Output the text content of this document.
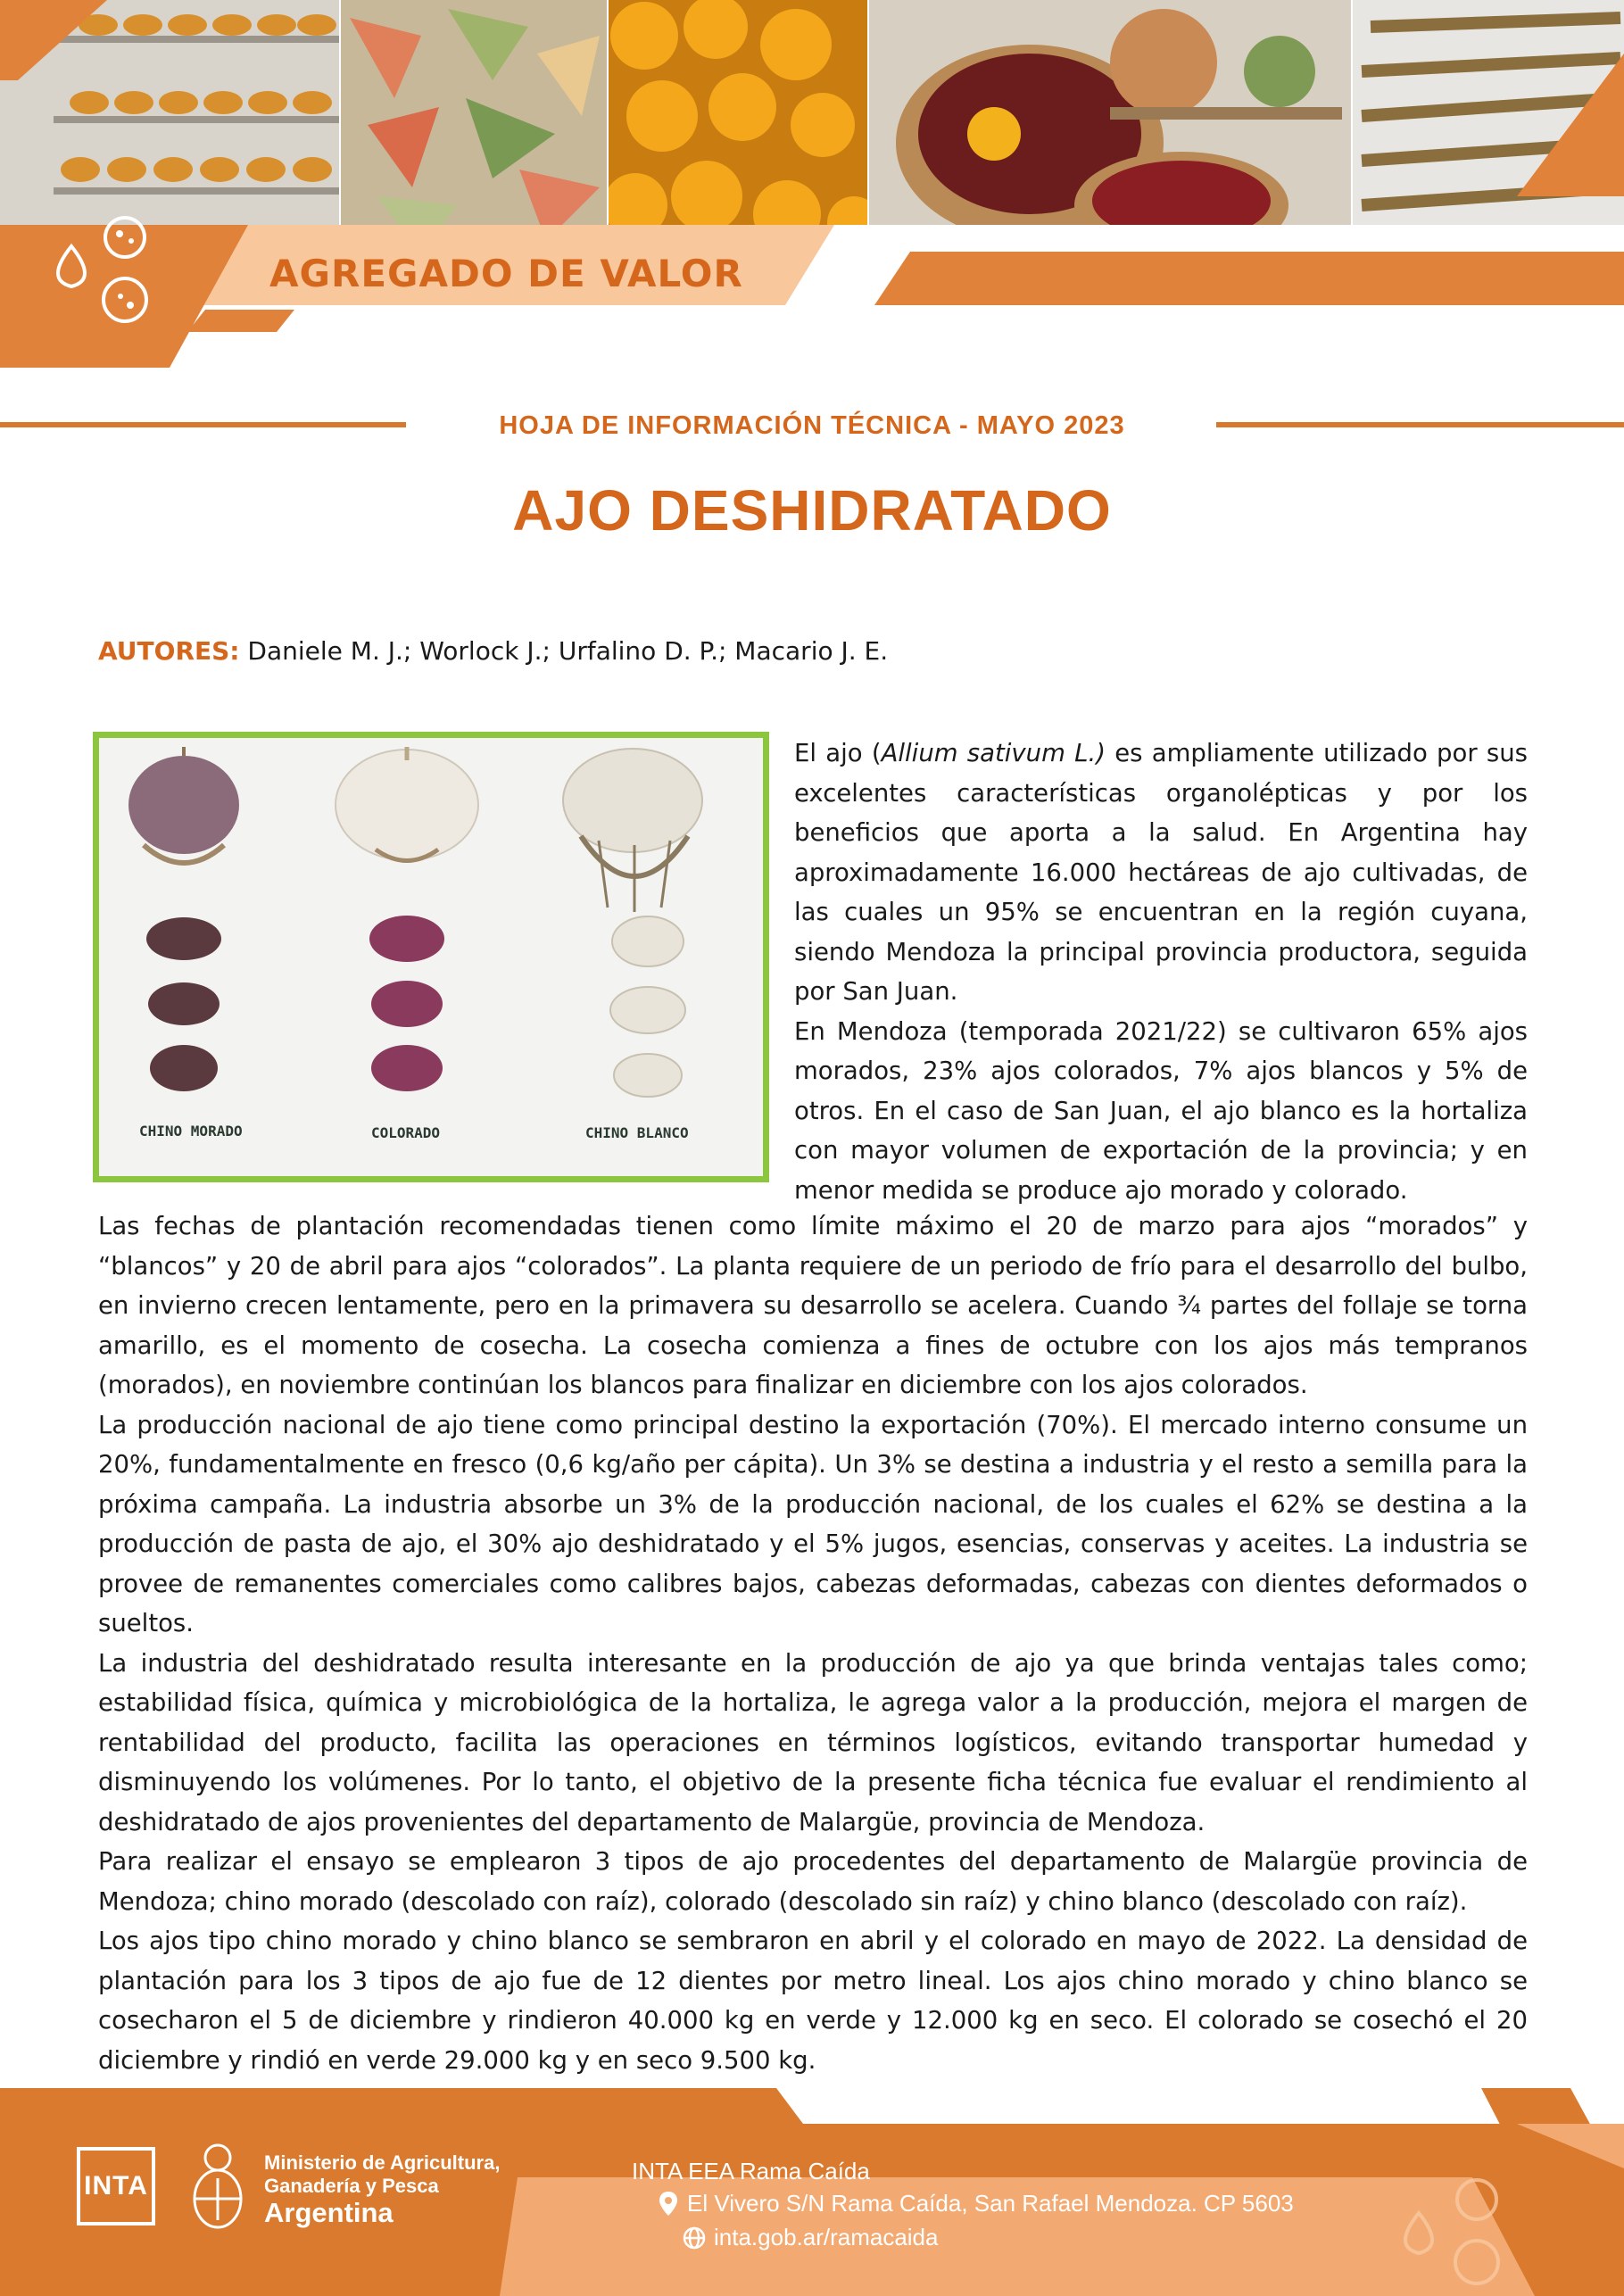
AGREGADO DE VALOR
HOJA DE INFORMACIÓN TÉCNICA - MAYO 2023
AJO DESHIDRATADO
AUTORES: Daniele M. J.; Worlock J.; Urfalino D. P.; Macario J. E.
CHINO MORADO	COLORADO	CHINO BLANCO

El ajo (Allium sativum L.) es ampliamente utilizado por sus excelentes características organolépticas y por los beneficios que aporta a la salud. En Argentina hay aproximadamente 16.000 hectáreas de ajo cultivadas, de las cuales un 95% se encuentran en la región cuyana, siendo Mendoza la principal provincia productora, seguida por San Juan.

En Mendoza (temporada 2021/22) se cultivaron 65% ajos morados, 23% ajos colorados, 7% ajos blancos y 5% de otros. En el caso de San Juan, el ajo blanco es la hortaliza con mayor volumen de exportación de la provincia; y en menor medida se produce ajo morado y colorado.

Las fechas de plantación recomendadas tienen como límite máximo el 20 de marzo para ajos “morados” y “blancos” y 20 de abril para ajos “colorados”. La planta requiere de un periodo de frío para el desarrollo del bulbo, en invierno crecen lentamente, pero en la primavera su desarrollo se acelera. Cuando ¾ partes del follaje se torna amarillo, es el momento de cosecha. La cosecha comienza a fines de octubre con los ajos más tempranos (morados), en noviembre continúan los blancos para finalizar en diciembre con los ajos colorados.

La producción nacional de ajo tiene como principal destino la exportación (70%). El mercado interno consume un 20%, fundamentalmente en fresco (0,6 kg/año per cápita). Un 3% se destina a industria y el resto a semilla para la próxima campaña. La industria absorbe un 3% de la producción nacional, de los cuales el 62% se destina a la producción de pasta de ajo, el 30% ajo deshidratado y el 5% jugos, esencias, conservas y aceites. La industria se provee de remanentes comerciales como calibres bajos, cabezas deformadas, cabezas con dientes deformados o sueltos.

La industria del deshidratado resulta interesante en la producción de ajo ya que brinda ventajas tales como; estabilidad física, química y microbiológica de la hortaliza, le agrega valor a la producción, mejora el margen de rentabilidad del producto, facilita las operaciones en términos logísticos, evitando transportar humedad y disminuyendo los volúmenes. Por lo tanto, el objetivo de la presente ficha técnica fue evaluar el rendimiento al deshidratado de ajos provenientes del departamento de Malargüe, provincia de Mendoza.

Para realizar el ensayo se emplearon 3 tipos de ajo procedentes del departamento de Malargüe provincia de Mendoza; chino morado (descolado con raíz), colorado (descolado sin raíz) y chino blanco (descolado con raíz).

Los ajos tipo chino morado y chino blanco se sembraron en abril y el colorado en mayo de 2022. La densidad de plantación para los 3 tipos de ajo fue de 12 dientes por metro lineal. Los ajos chino morado y chino blanco se cosecharon el 5 de diciembre y rindieron 40.000 kg en verde y 12.000 kg en seco. El colorado se cosechó el 20 diciembre y rindió en verde 29.000 kg y en seco 9.500 kg.

INTA
Ministerio de Agricultura,
Ganadería y Pesca
Argentina
INTA EEA Rama Caída
El Vivero S/N Rama Caída, San Rafael Mendoza. CP 5603
inta.gob.ar/ramacaida
